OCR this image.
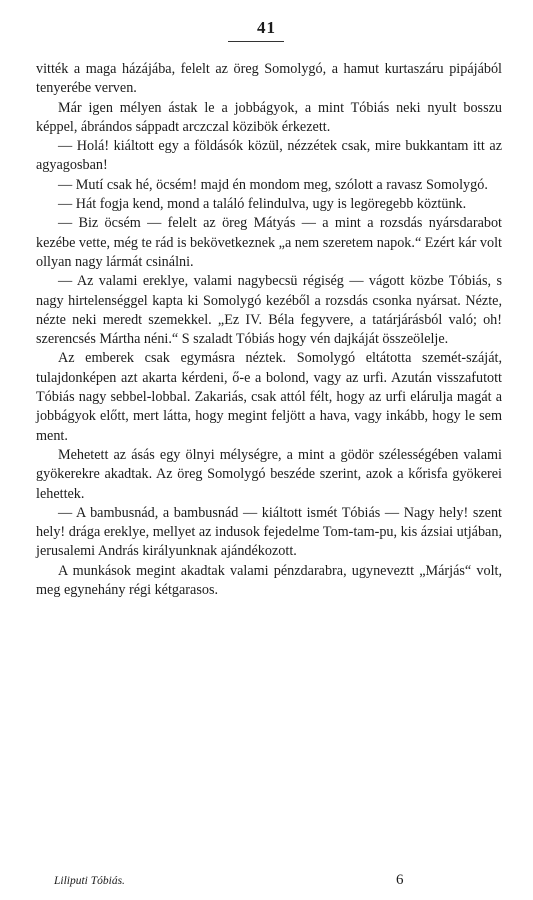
41

vitték a maga házájába, felelt az öreg Somolygó, a hamut kurtaszáru pipájából tenyerébe verven.

Már igen mélyen ástak le a jobbágyok, a mint Tóbiás neki nyult bosszu képpel, ábrándos sáppadt arczczal közibök érkezett.

— Holá! kiáltott egy a földásók közül, nézzétek csak, mire bukkantam itt az agyagosban!

— Mutí csak hé, öcsém! majd én mondom meg, szólott a ravasz Somolygó.

— Hát fogja kend, mond a találó felindulva, ugy is legöregebb köztünk.

— Biz öcsém — felelt az öreg Mátyás — a mint a rozsdás nyársdarabot kezébe vette, még te rád is bekövetkeznek „a nem szeretem napok.“ Ezért kár volt ollyan nagy lármát csinálni.

— Az valami ereklye, valami nagybecsü régiség — vágott közbe Tóbiás, s nagy hirtelenséggel kapta ki Somolygó kezéből a rozsdás csonka nyársat. Nézte, nézte neki meredt szemekkel. „Ez IV. Béla fegyvere, a tatárjárásból való; oh! szerencsés Mártha néni.“ S szaladt Tóbiás hogy vén dajkáját összeölelje.

Az emberek csak egymásra néztek. Somolygó eltátotta szemét-száját, tulajdonképen azt akarta kérdeni, ő-e a bolond, vagy az urfi. Azután visszafutott Tóbiás nagy sebbel-lobbal. Zakariás, csak attól félt, hogy az urfi elárulja magát a jobbágyok előtt, mert látta, hogy megint feljött a hava, vagy inkább, hogy le sem ment.

Mehetett az ásás egy ölnyi mélységre, a mint a gödör szélességében valami gyökerekre akadtak. Az öreg Somolygó beszéde szerint, azok a kőrisfa gyökerei lehettek.

— A bambusnád, a bambusnád — kiáltott ismét Tóbiás — Nagy hely! szent hely! drága ereklye, mellyet az indusok fejedelme Tom-tam-pu, kis ázsiai utjában, jerusalemi András királyunknak ajándékozott.

A munkások megint akadtak valami pénzdarabra, ugyneveztt „Márjás“ volt, meg egynehány régi kétgarasos.

Liliputi Tóbiás.	6
